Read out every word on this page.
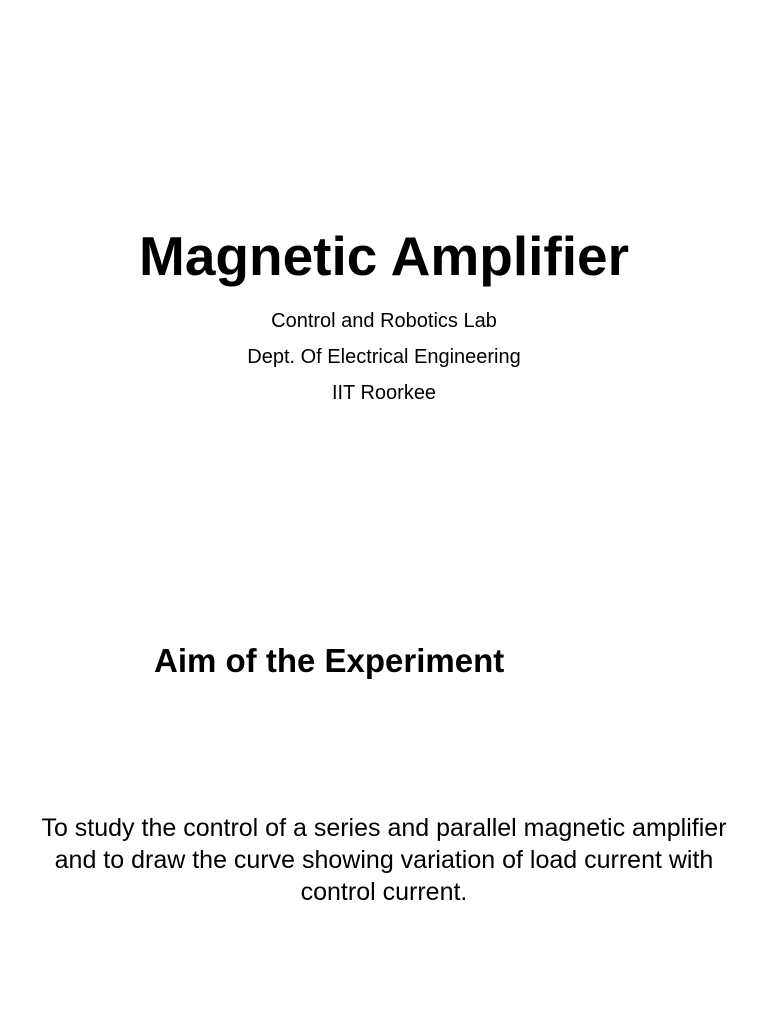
Magnetic Amplifier
Control and Robotics Lab
Dept. Of Electrical Engineering
IIT Roorkee
Aim of the Experiment

To study the control of a series and parallel magnetic amplifier and to draw the curve showing variation of load current with control current.
